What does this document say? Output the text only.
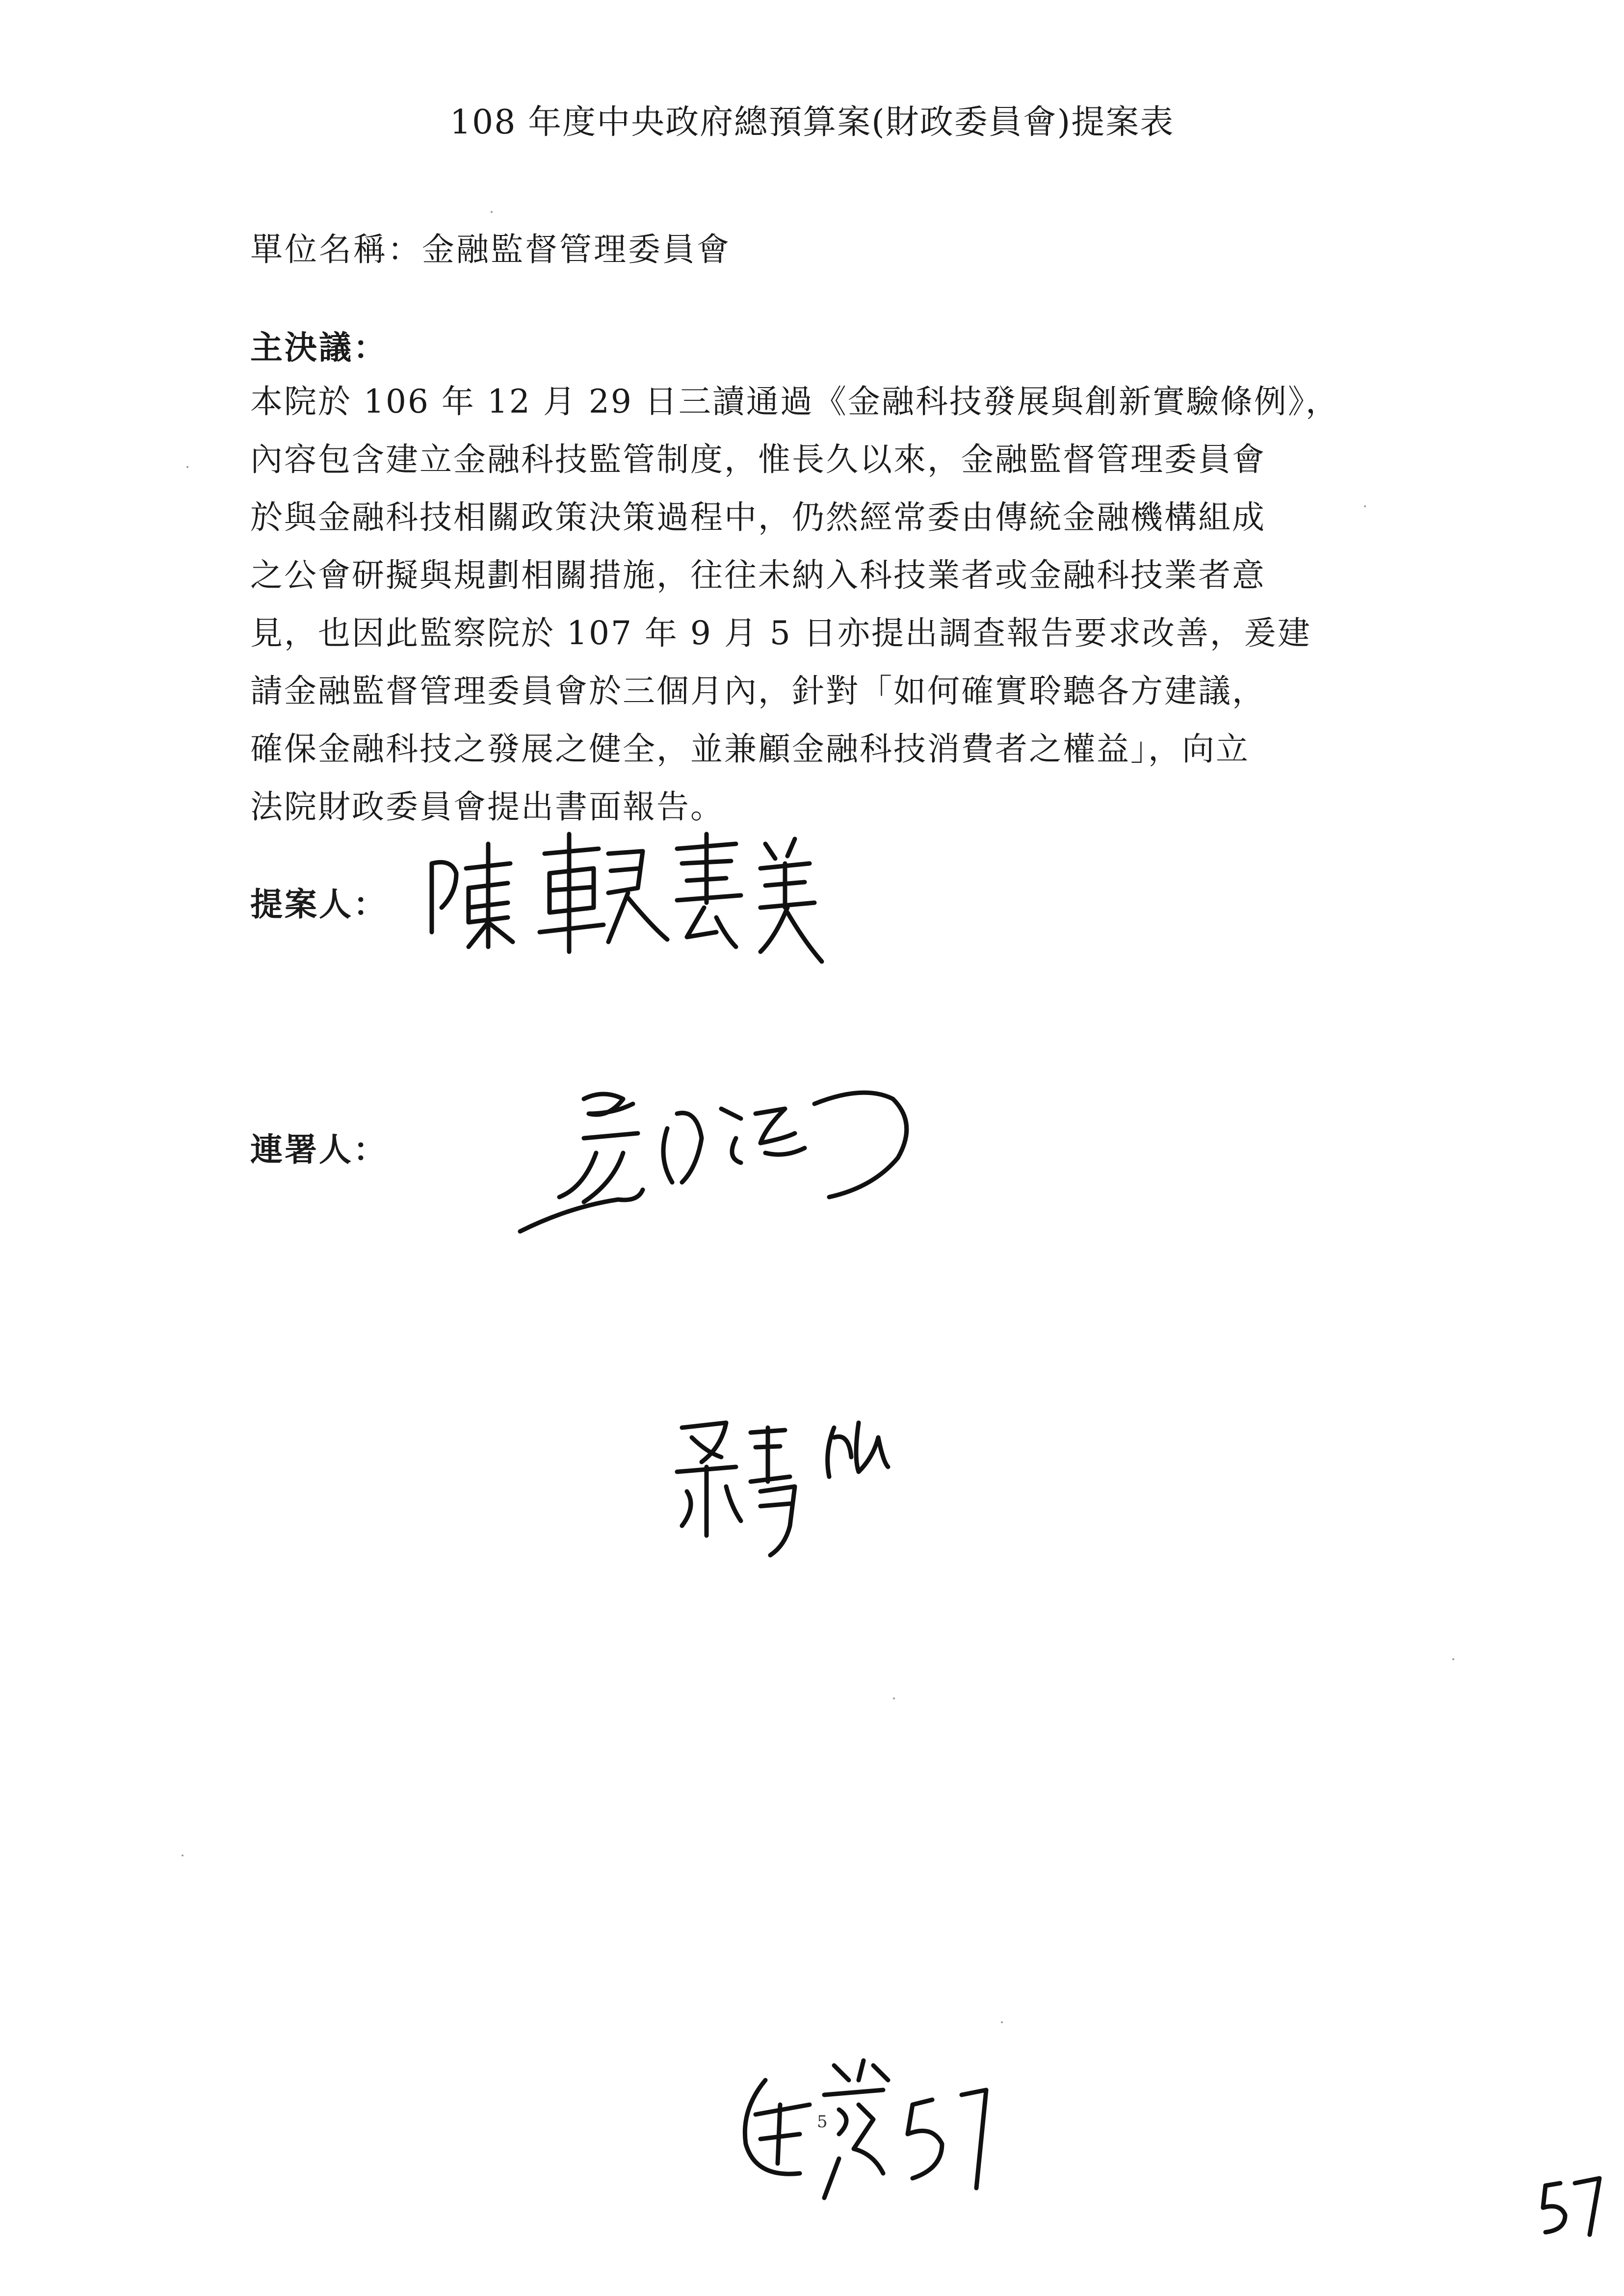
108 年度中央政府總預算案(財政委員會)提案表
單位名稱：金融監督管理委員會
主決議：
本院於 106 年 12 月 29 日三讀通過《金融科技發展與創新實驗條例》，
內容包含建立金融科技監管制度，惟長久以來，金融監督管理委員會
於與金融科技相關政策決策過程中，仍然經常委由傳統金融機構組成
之公會研擬與規劃相關措施，往往未納入科技業者或金融科技業者意
見，也因此監察院於 107 年 9 月 5 日亦提出調查報告要求改善，爰建
請金融監督管理委員會於三個月內，針對「如何確實聆聽各方建議，
確保金融科技之發展之健全，並兼顧金融科技消費者之權益」，向立
法院財政委員會提出書面報告。
提案人：
連署人：
5
